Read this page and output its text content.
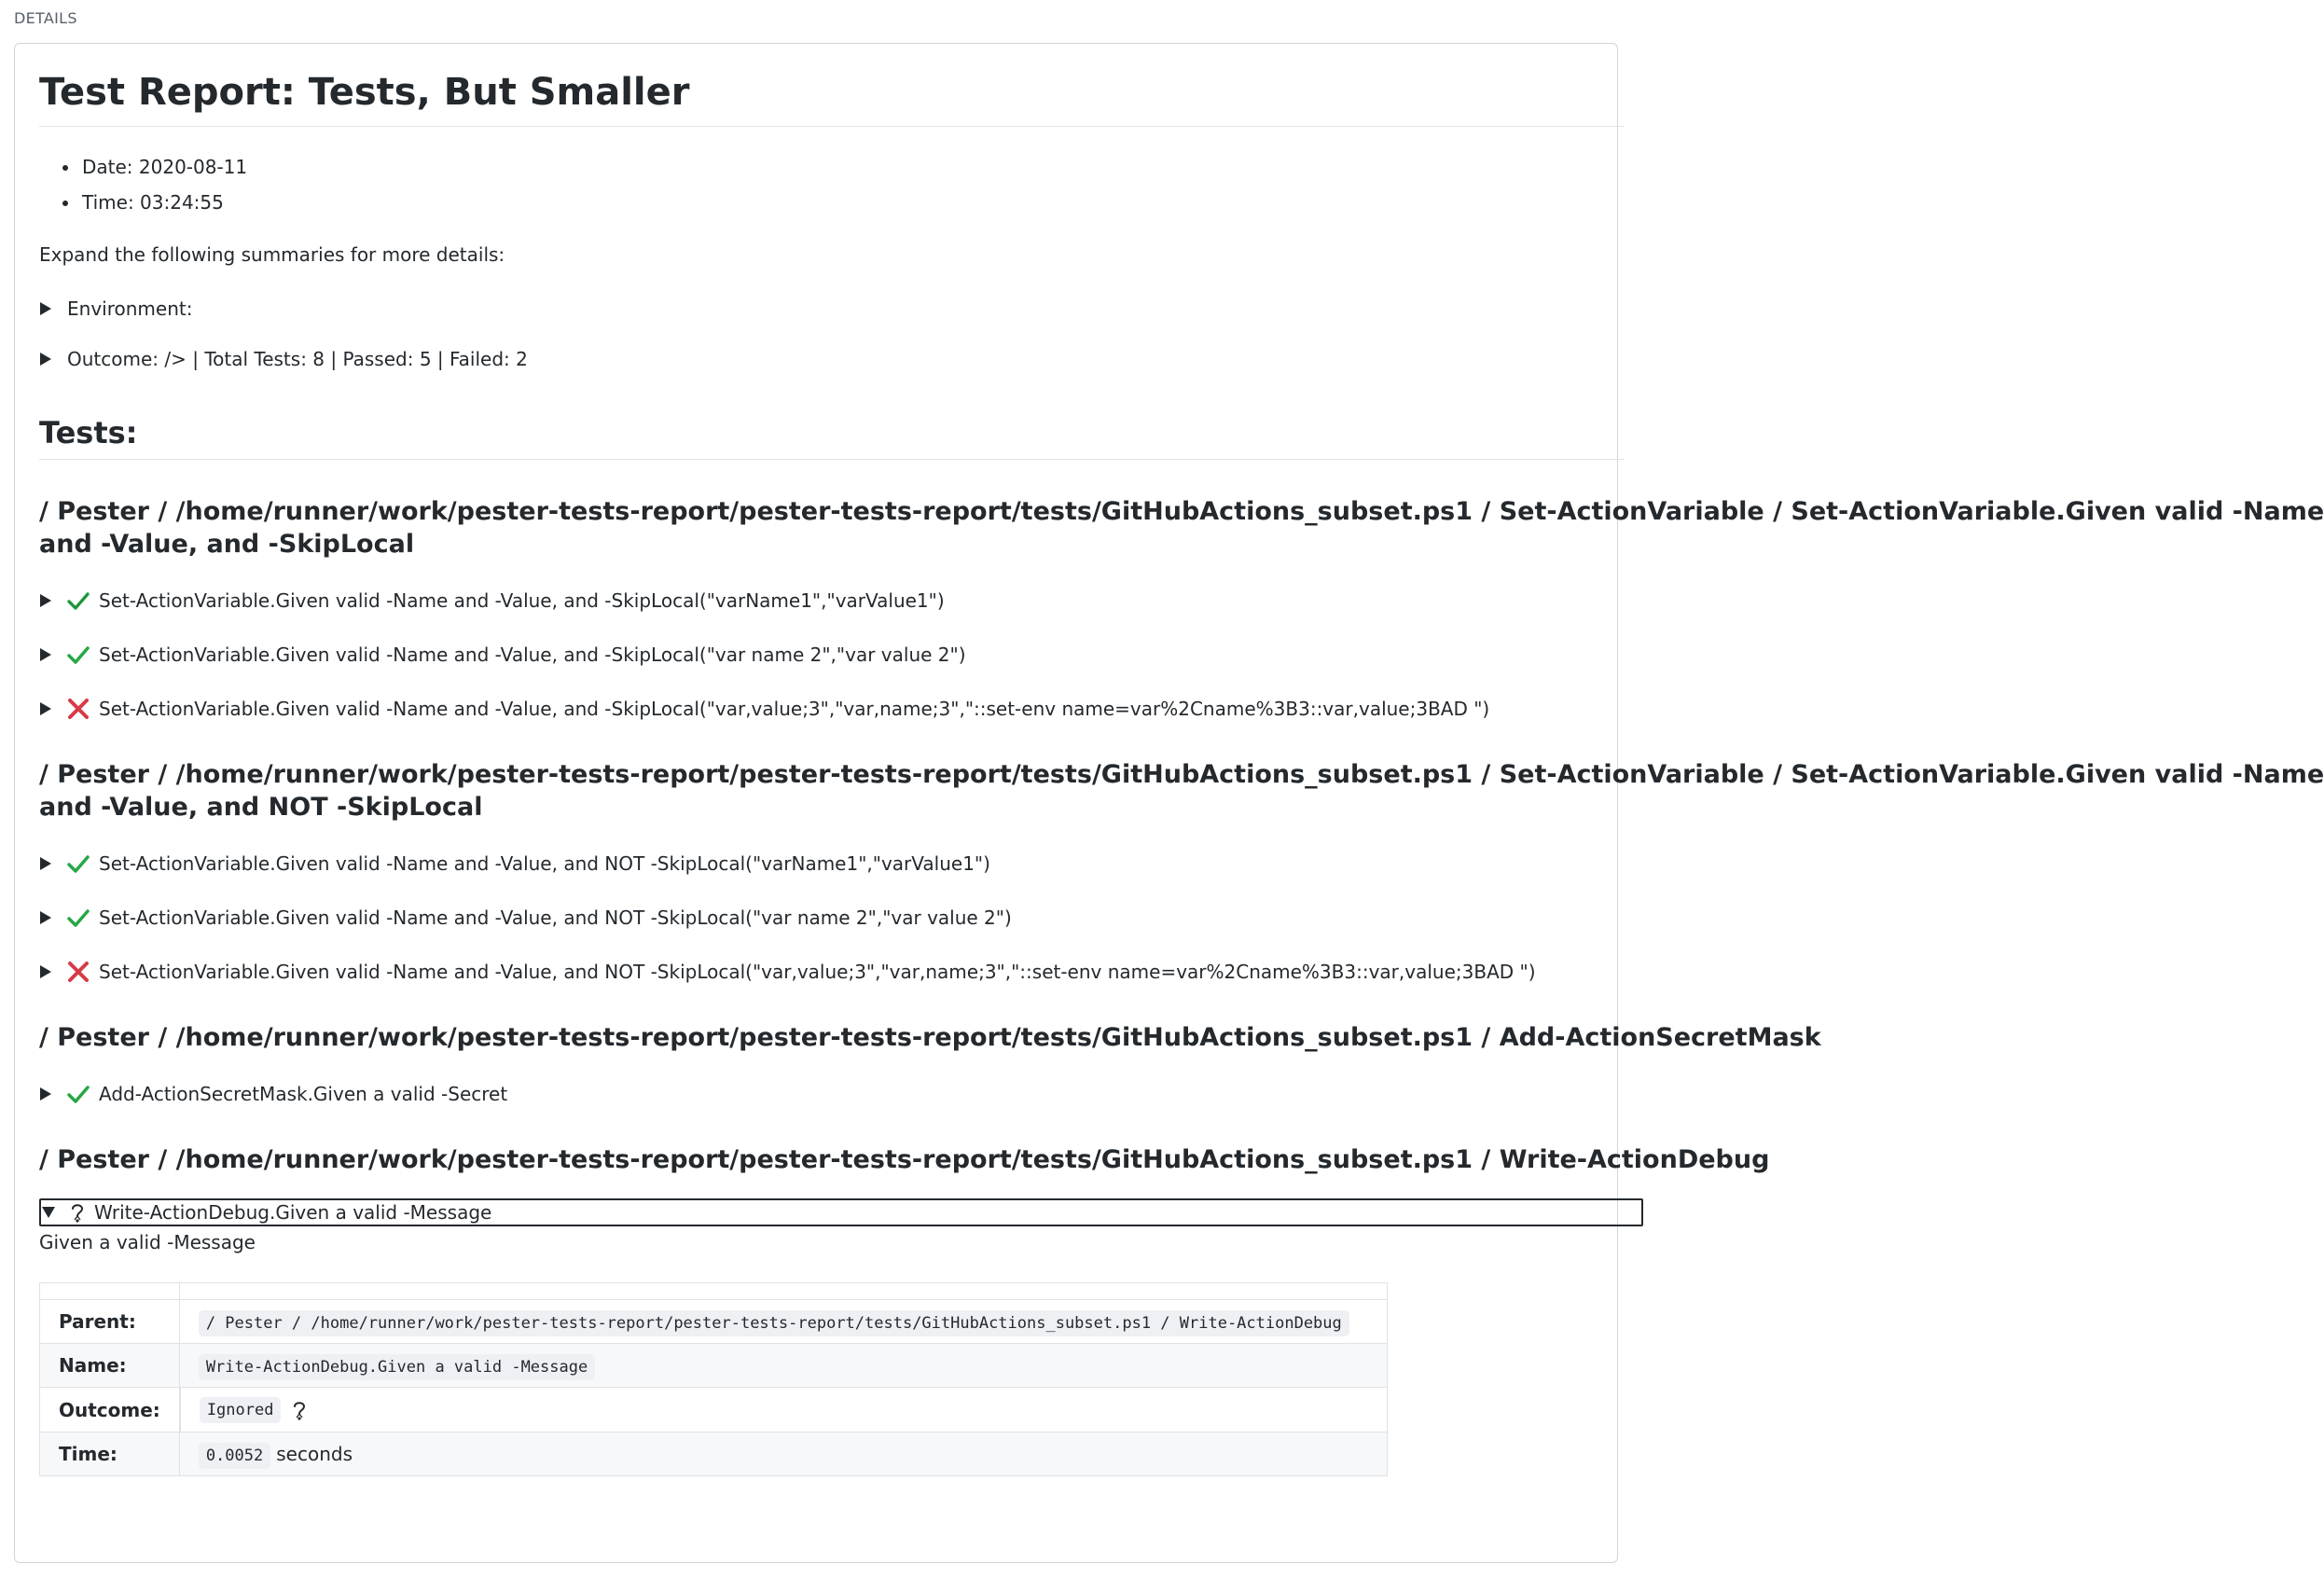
DETAILS
Test Report: Tests, But Smaller
• Date: 2020-08-11
• Time: 03:24:55

Expand the following summaries for more details:

Environment:
Outcome: /> | Total Tests: 8 | Passed: 5 | Failed: 2
Tests:
/ Pester / /home/runner/work/pester-tests-report/pester-tests-report/tests/GitHubActions_subset.ps1 / Set-ActionVariable / Set-ActionVariable.Given valid -Name
and -Value, and -SkipLocal
Set-ActionVariable.Given valid -Name and -Value, and -SkipLocal("varName1","varValue1")
Set-ActionVariable.Given valid -Name and -Value, and -SkipLocal("var name 2","var value 2")
Set-ActionVariable.Given valid -Name and -Value, and -SkipLocal("var,value;3","var,name;3","::set-env name=var%2Cname%3B3::var,value;3BAD ")
/ Pester / /home/runner/work/pester-tests-report/pester-tests-report/tests/GitHubActions_subset.ps1 / Set-ActionVariable / Set-ActionVariable.Given valid -Name
and -Value, and NOT -SkipLocal
Set-ActionVariable.Given valid -Name and -Value, and NOT -SkipLocal("varName1","varValue1")
Set-ActionVariable.Given valid -Name and -Value, and NOT -SkipLocal("var name 2","var value 2")
Set-ActionVariable.Given valid -Name and -Value, and NOT -SkipLocal("var,value;3","var,name;3","::set-env name=var%2Cname%3B3::var,value;3BAD ")
/ Pester / /home/runner/work/pester-tests-report/pester-tests-report/tests/GitHubActions_subset.ps1 / Add-ActionSecretMask
Add-ActionSecretMask.Given a valid -Secret
/ Pester / /home/runner/work/pester-tests-report/pester-tests-report/tests/GitHubActions_subset.ps1 / Write-ActionDebug
Write-ActionDebug.Given a valid -Message
Given a valid -Message

Parent:	/ Pester / /home/runner/work/pester-tests-report/pester-tests-report/tests/GitHubActions_subset.ps1 / Write-ActionDebug
Name:	Write-ActionDebug.Given a valid -Message
Outcome:		Ignored

Time:	0.0052 seconds
